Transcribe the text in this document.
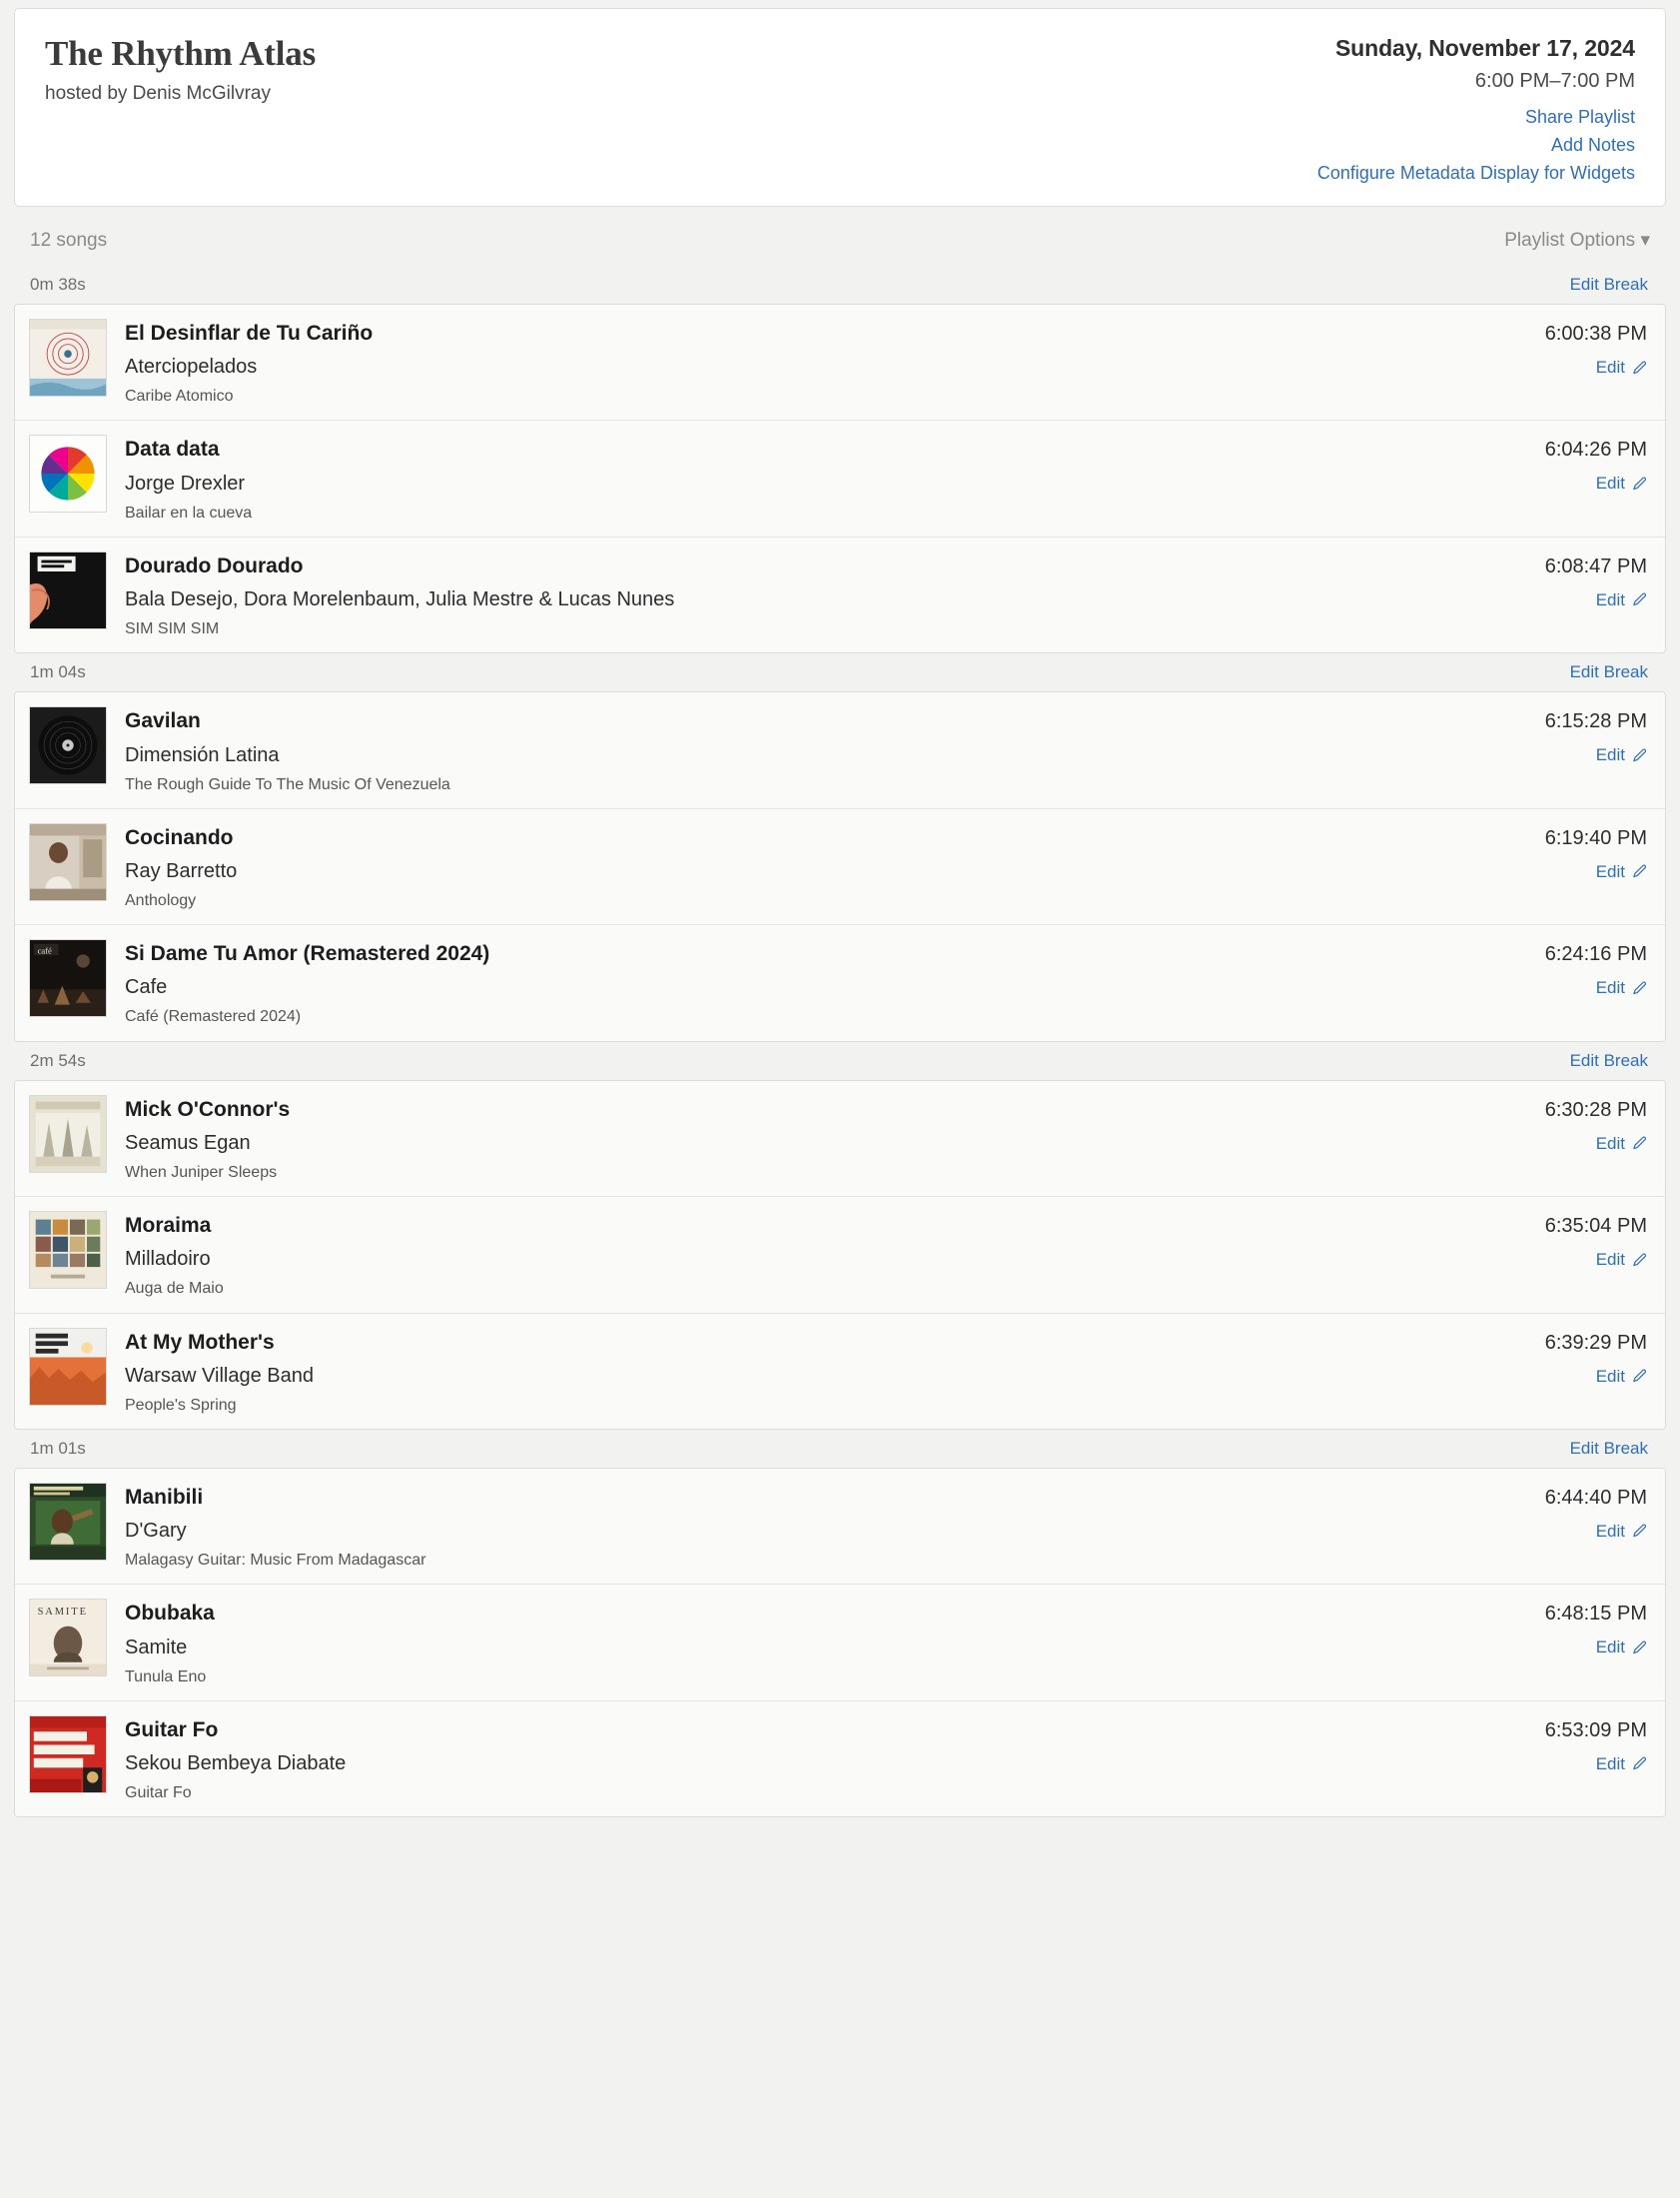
The Rhythm Atlas
hosted by Denis McGilvray
Sunday, November 17, 2024
6:00 PM–7:00 PM
Share Playlist
Add Notes
Configure Metadata Display for Widgets
12 songs	Playlist Options ▾
0m 38s	Edit Break
El Desinflar de Tu Cariño
Aterciopelados
Caribe Atomico
6:00:38 PM
Edit
Data data
Jorge Drexler
Bailar en la cueva
6:04:26 PM
Edit
Dourado Dourado
Bala Desejo, Dora Morelenbaum, Julia Mestre & Lucas Nunes
SIM SIM SIM
6:08:47 PM
Edit
1m 04s	Edit Break
Gavilan
Dimensión Latina
The Rough Guide To The Music Of Venezuela
6:15:28 PM
Edit
Cocinando
Ray Barretto
Anthology
6:19:40 PM
Edit
Si Dame Tu Amor (Remastered 2024)
Cafe
Café (Remastered 2024)
6:24:16 PM
Edit
2m 54s	Edit Break
Mick O'Connor's
Seamus Egan
When Juniper Sleeps
6:30:28 PM
Edit
Moraima
Milladoiro
Auga de Maio
6:35:04 PM
Edit
At My Mother's
Warsaw Village Band
People's Spring
6:39:29 PM
Edit
1m 01s	Edit Break
Manibili
D'Gary
Malagasy Guitar: Music From Madagascar
6:44:40 PM
Edit
Obubaka
Samite
Tunula Eno
6:48:15 PM
Edit
Guitar Fo
Sekou Bembeya Diabate
Guitar Fo
6:53:09 PM
Edit
